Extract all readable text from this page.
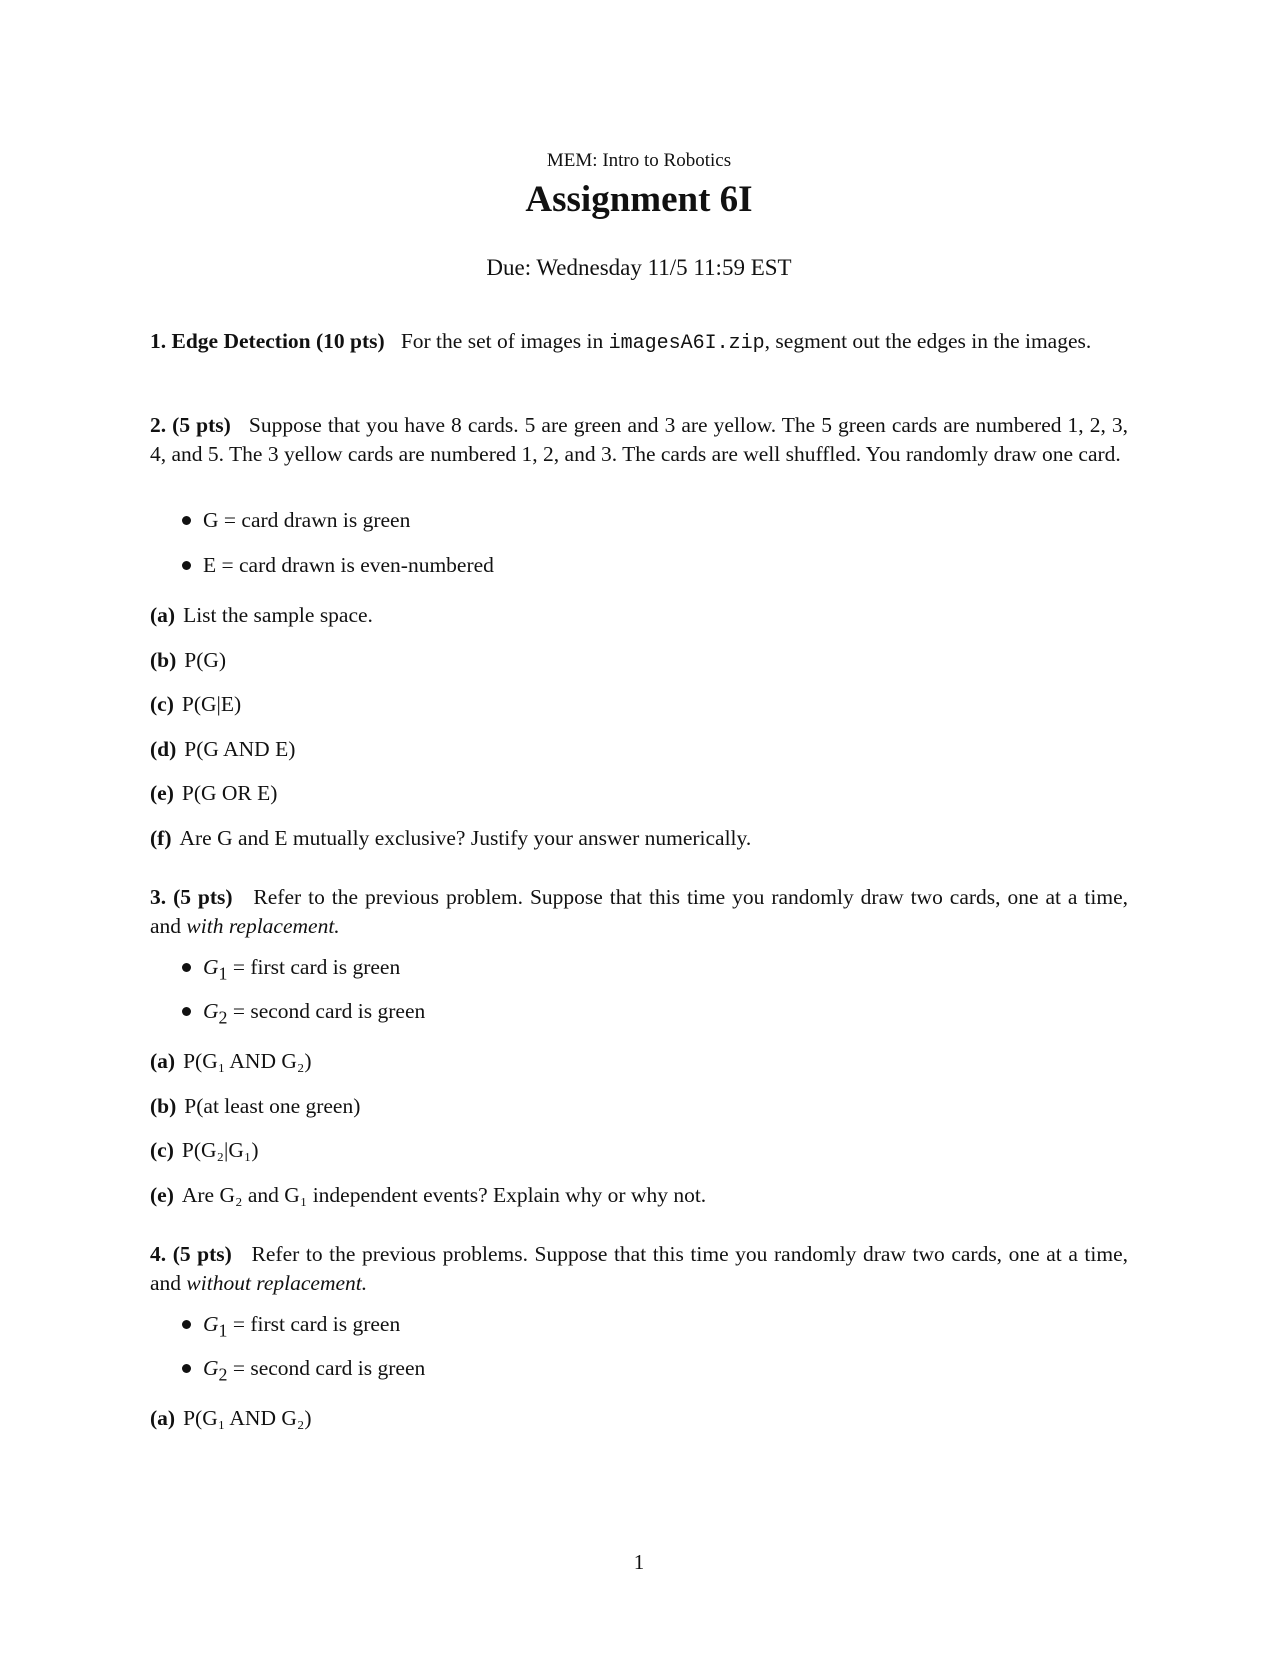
MEM: Intro to Robotics
Assignment 6I
Due: Wednesday 11/5 11:59 EST
1. Edge Detection (10 pts) For the set of images in imagesA6I.zip, segment out the edges in the images.
2. (5 pts) Suppose that you have 8 cards. 5 are green and 3 are yellow. The 5 green cards are numbered 1, 2, 3, 4, and 5. The 3 yellow cards are numbered 1, 2, and 3. The cards are well shuffled. You randomly draw one card.
G = card drawn is green
E = card drawn is even-numbered
(a) List the sample space.
(b) P(G)
(c) P(G|E)
(d) P(G AND E)
(e) P(G OR E)
(f) Are G and E mutually exclusive? Justify your answer numerically.
3. (5 pts) Refer to the previous problem. Suppose that this time you randomly draw two cards, one at a time, and with replacement.
$G_1$ = first card is green
$G_2$ = second card is green
(a) P(G₁ AND G₂)
(b) P(at least one green)
(c) P(G₂|G₁)
(e) Are G₂ and G₁ independent events? Explain why or why not.
4. (5 pts) Refer to the previous problems. Suppose that this time you randomly draw two cards, one at a time, and without replacement.
$G_1$ = first card is green
$G_2$ = second card is green
(a) P(G₁ AND G₂)
1
